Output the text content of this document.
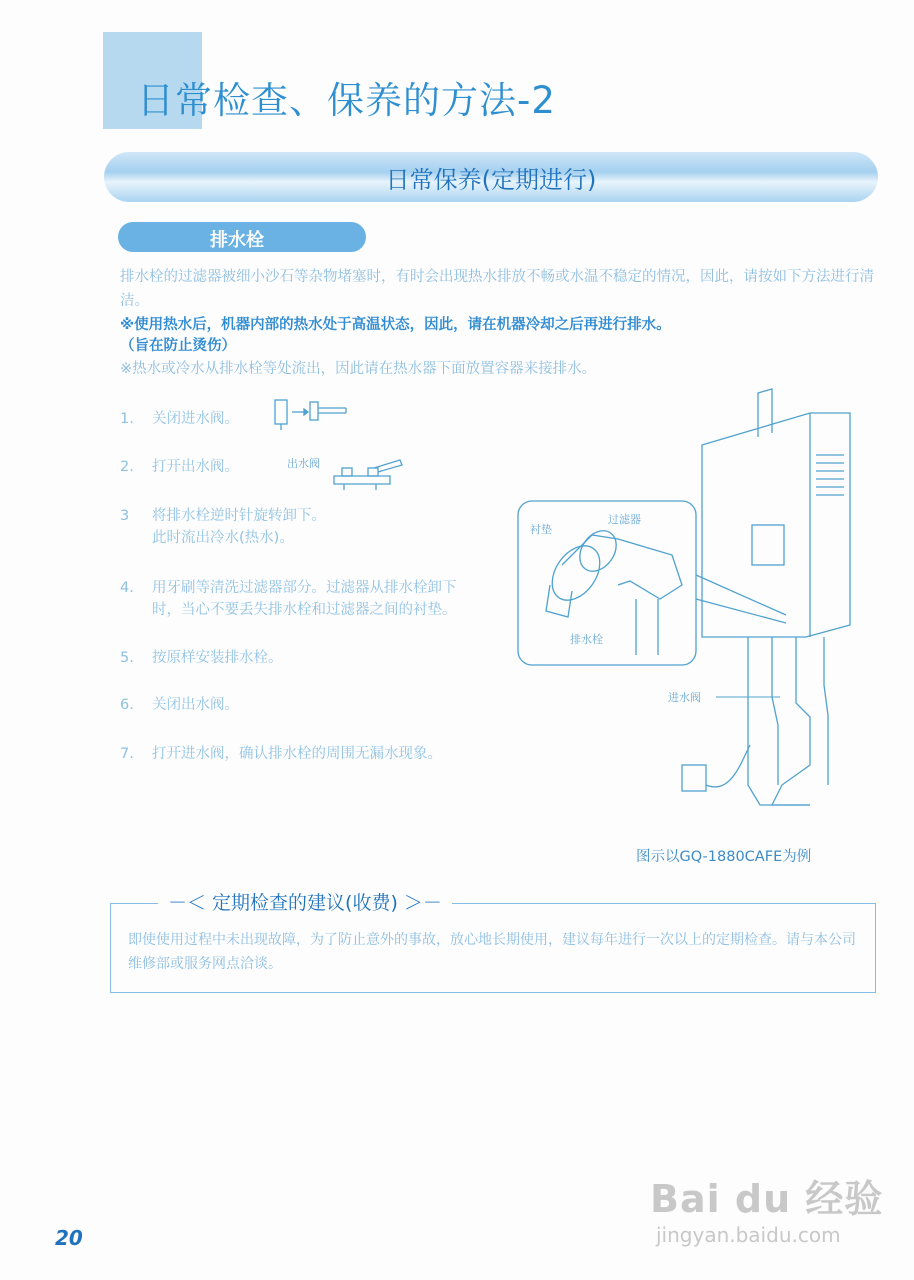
日常检查、保养的方法-2
日常保养(定期进行)
排水栓
排水栓的过滤器被细小沙石等杂物堵塞时，有时会出现热水排放不畅或水温不稳定的情况，因此，请按如下方法进行清洁。
※使用热水后，机器内部的热水处于高温状态，因此，请在机器冷却之后再进行排水。
（旨在防止烫伤）
※热水或冷水从排水栓等处流出，因此请在热水器下面放置容器来接排水。
1. 关闭进水阀。
2. 打开出水阀。
3 将排水栓逆时针旋转卸下。
此时流出冷水(热水)。
4. 用牙刷等清洗过滤器部分。过滤器从排水栓卸下
时，当心不要丢失排水栓和过滤器之间的衬垫。
5. 按原样安装排水栓。
6. 关闭出水阀。
7. 打开进水阀，确认排水栓的周围无漏水现象。
出水阀
衬垫
过滤器
排水栓
进水阀
图示以GQ-1880CAFE为例
－＜ 定期检查的建议(收费) ＞－
即使使用过程中未出现故障，为了防止意外的事故，放心地长期使用，建议每年进行一次以上的定期检查。请与本公司维修部或服务网点洽谈。
20
Bai du 经验
jingyan.baidu.com
